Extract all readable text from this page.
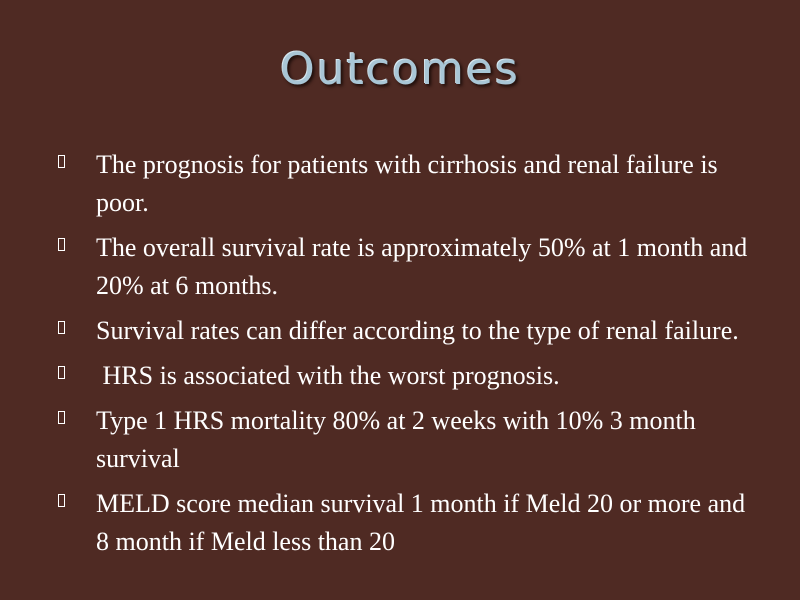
Outcomes
The prognosis for patients with cirrhosis and renal failure is poor.
The overall survival rate is approximately 50% at 1 month and 20% at 6 months.
Survival rates can differ according to the type of renal failure.
HRS is associated with the worst prognosis.
Type 1 HRS mortality 80% at 2 weeks with 10% 3 month survival
MELD score median survival 1 month if Meld 20 or more and 8 month if Meld less than 20
